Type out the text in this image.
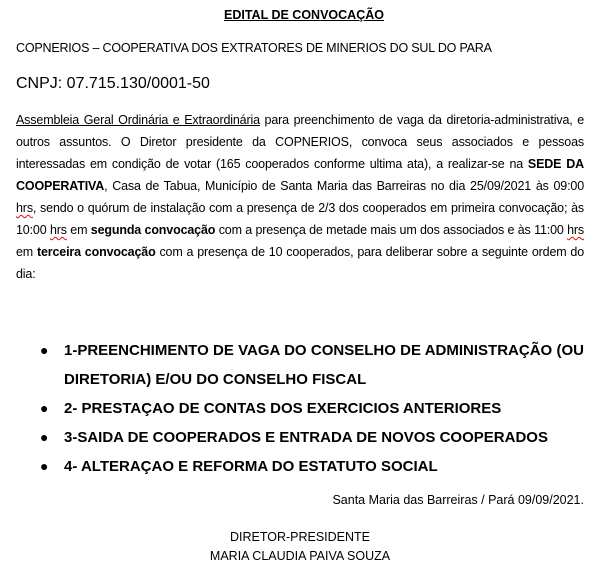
EDITAL DE CONVOCAÇÃO
COPNERIOS – COOPERATIVA DOS EXTRATORES DE MINERIOS DO SUL DO PARA
CNPJ: 07.715.130/0001-50
Assembleia Geral Ordinária e Extraordinária para preenchimento de vaga da diretoria-administrativa, e outros assuntos. O Diretor presidente da COPNERIOS, convoca seus associados e pessoas interessadas em condição de votar (165 cooperados conforme ultima ata), a realizar-se na SEDE DA COOPERATIVA, Casa de Tabua, Município de Santa Maria das Barreiras no dia 25/09/2021 às 09:00 hrs, sendo o quórum de instalação com a presença de 2/3 dos cooperados em primeira convocação; às 10:00 hrs em segunda convocação com a presença de metade mais um dos associados e às 11:00 hrs em terceira convocação com a presença de 10 cooperados, para deliberar sobre a seguinte ordem do dia:
● 1-PREENCHIMENTO DE VAGA DO CONSELHO DE ADMINISTRAÇÃO (OU DIRETORIA) E/OU DO CONSELHO FISCAL
● 2- PRESTAÇAO DE CONTAS DOS EXERCICIOS ANTERIORES
● 3-SAIDA DE COOPERADOS E ENTRADA DE NOVOS COOPERADOS
● 4- ALTERAÇAO E REFORMA DO ESTATUTO SOCIAL
Santa Maria das Barreiras / Pará 09/09/2021.
DIRETOR-PRESIDENTE
MARIA CLAUDIA PAIVA SOUZA
